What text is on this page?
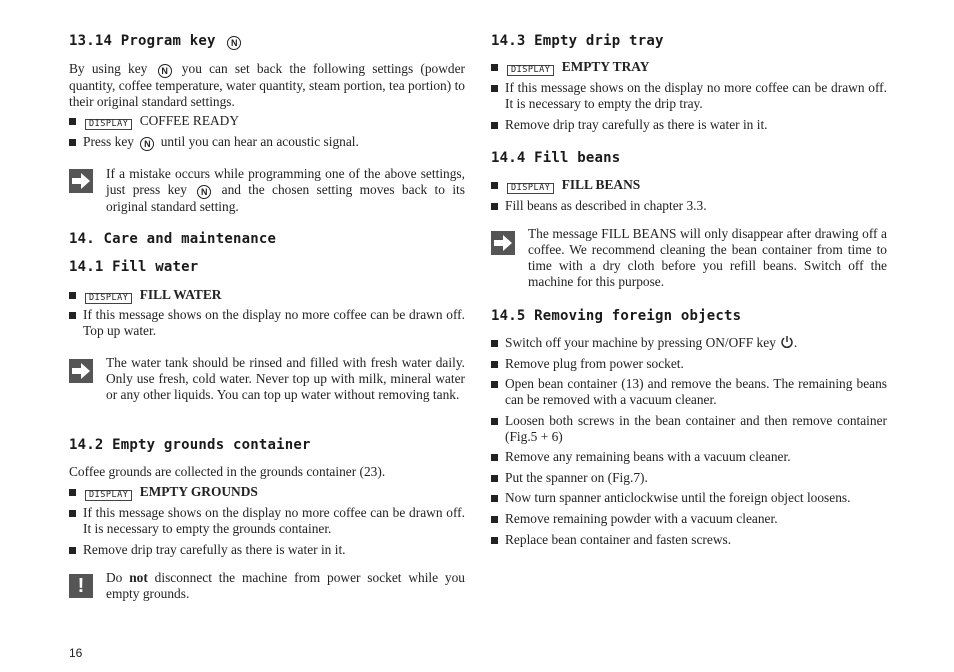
13.14 Program key N

By using key N you can set back the following settings (powder quantity, coffee temperature, water quantity, steam portion, tea portion) to their original standard settings.

DISPLAY COFFEE READY
Press key N until you can hear an acoustic signal.

If a mistake occurs while programming one of the above settings, just press key N and the chosen setting moves back to its original standard setting.

14. Care and maintenance
14.1 Fill water
DISPLAY FILL WATER
If this message shows on the display no more coffee can be drawn off. Top up water.

The water tank should be rinsed and filled with fresh water daily. Only use fresh, cold water. Never top up with milk, mineral water or any other liquids. You can top up water without removing tank.

14.2 Empty grounds container

Coffee grounds are collected in the grounds container (23).

DISPLAY EMPTY GROUNDS
If this message shows on the display no more coffee can be drawn off. It is necessary to empty the grounds container.
Remove drip tray carefully as there is water in it.
!	Do not disconnect the machine from power socket while you empty grounds.

14.3 Empty drip tray
DISPLAY EMPTY TRAY
If this message shows on the display no more coffee can be drawn off. It is necessary to empty the drip tray.
Remove drip tray carefully as there is water in it.
14.4 Fill beans
DISPLAY FILL BEANS
Fill beans as described in chapter 3.3.

The message FILL BEANS will only disappear after drawing off a coffee. We recommend cleaning the bean container from time to time with a dry cloth before you refill beans. Switch off the machine for this purpose.

14.5 Removing foreign objects
Switch off your machine by pressing ON/OFF key .
Remove plug from power socket.
Open bean container (13) and remove the beans. The remaining beans can be removed with a vacuum cleaner.
Loosen both screws in the bean container and then remove container (Fig.5 + 6)
Remove any remaining beans with a vacuum cleaner.
Put the spanner on (Fig.7).
Now turn spanner anticlockwise until the foreign object loosens.
Remove remaining powder with a vacuum cleaner.
Replace bean container and fasten screws.
16
